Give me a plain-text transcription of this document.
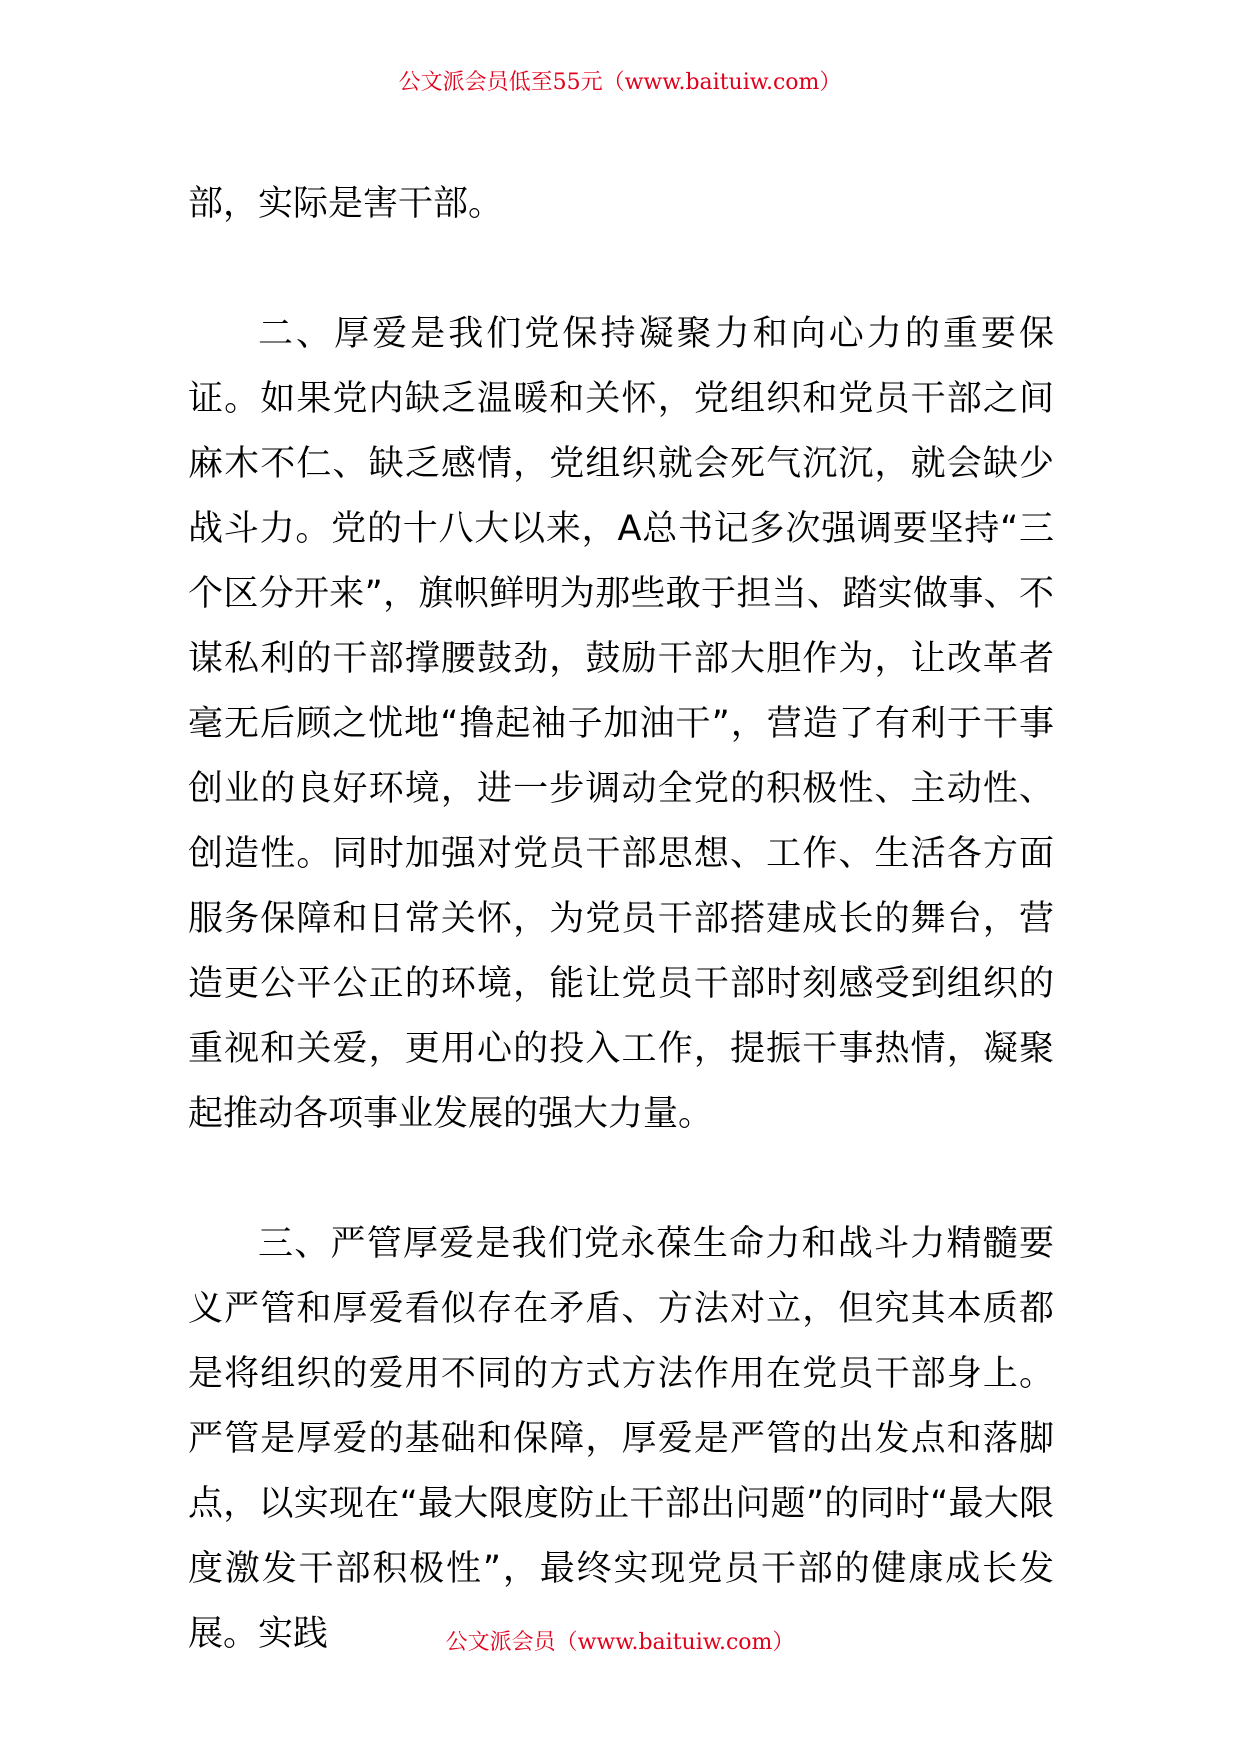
公文派会员低至55元（www.baituiw.com）

部，实际是害干部。

二、厚爱是我们党保持凝聚力和向心力的重要保证。如果党内缺乏温暖和关怀，党组织和党员干部之间麻木不仁、缺乏感情，党组织就会死气沉沉，就会缺少战斗力。党的十八大以来，A总书记多次强调要坚持“三个区分开来”，旗帜鲜明为那些敢于担当、踏实做事、不谋私利的干部撑腰鼓劲，鼓励干部大胆作为，让改革者毫无后顾之忧地“撸起袖子加油干”，营造了有利于干事创业的良好环境，进一步调动全党的积极性、主动性、创造性。同时加强对党员干部思想、工作、生活各方面服务保障和日常关怀，为党员干部搭建成长的舞台，营造更公平公正的环境，能让党员干部时刻感受到组织的重视和关爱，更用心的投入工作，提振干事热情，凝聚起推动各项事业发展的强大力量。

三、严管厚爱是我们党永葆生命力和战斗力精髓要义严管和厚爱看似存在矛盾、方法对立，但究其本质都是将组织的爱用不同的方式方法作用在党员干部身上。严管是厚爱的基础和保障，厚爱是严管的出发点和落脚点，以实现在“最大限度防止干部出问题”的同时“最大限度激发干部积极性”，最终实现党员干部的健康成长发展。实践	公文派会员（www.baituiw.com）
